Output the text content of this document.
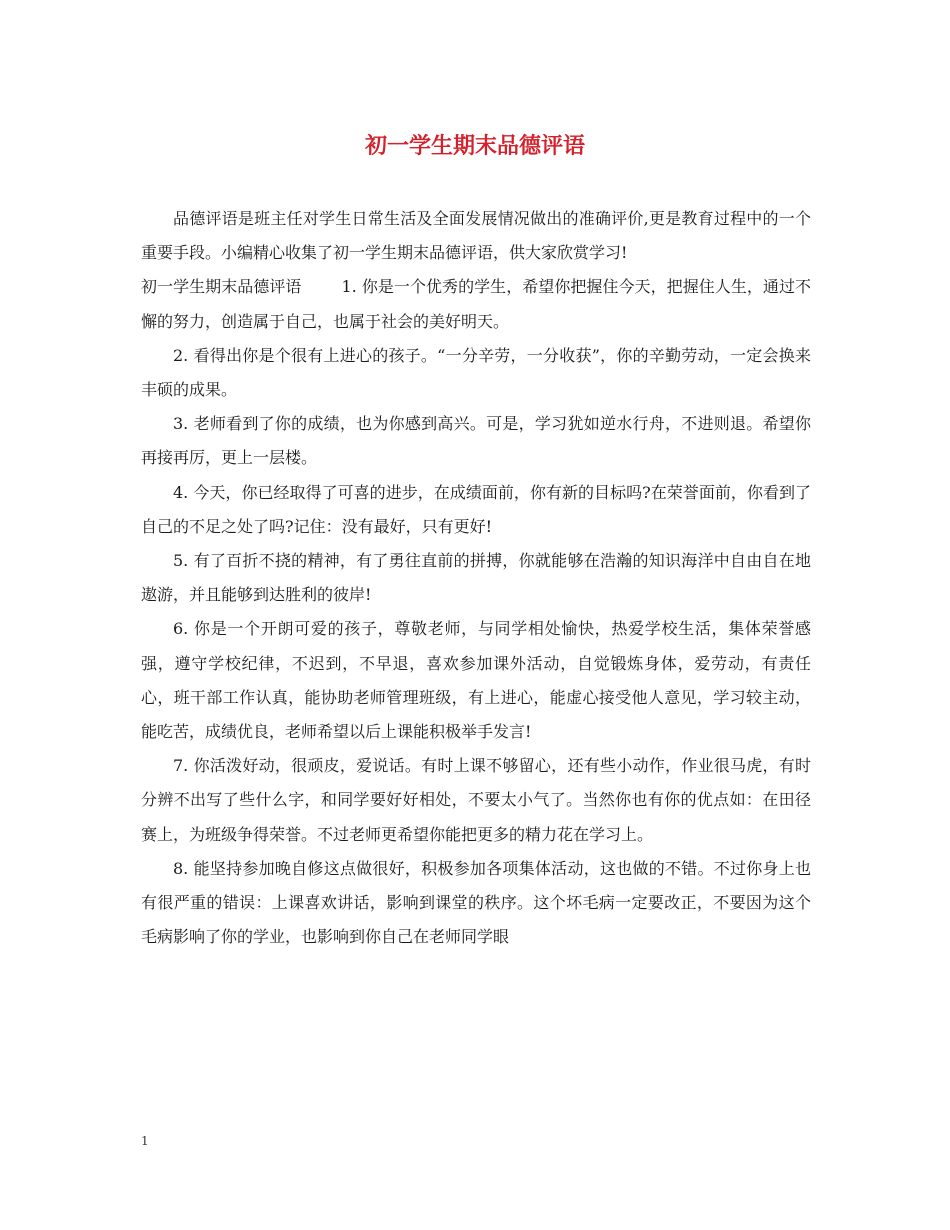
初一学生期末品德评语

品德评语是班主任对学生日常生活及全面发展情况做出的准确评价,更是教育过程中的一个重要手段。小编精心收集了初一学生期末品德评语，供大家欣赏学习!

初一学生期末品德评语	1. 你是一个优秀的学生，希望你把握住今天，把握住人生，通过不懈的努力，创造属于自己，也属于社会的美好明天。

2. 看得出你是个很有上进心的孩子。“一分辛劳，一分收获”，你的辛勤劳动，一定会换来丰硕的成果。

3. 老师看到了你的成绩，也为你感到高兴。可是，学习犹如逆水行舟，不进则退。希望你再接再厉，更上一层楼。

4. 今天，你已经取得了可喜的进步，在成绩面前，你有新的目标吗?在荣誉面前，你看到了自己的不足之处了吗?记住：没有最好，只有更好!

5. 有了百折不挠的精神，有了勇往直前的拼搏，你就能够在浩瀚的知识海洋中自由自在地遨游，并且能够到达胜利的彼岸!

6. 你是一个开朗可爱的孩子，尊敬老师，与同学相处愉快，热爱学校生活，集体荣誉感强，遵守学校纪律，不迟到，不早退，喜欢参加课外活动，自觉锻炼身体，爱劳动，有责任心，班干部工作认真，能协助老师管理班级，有上进心，能虚心接受他人意见，学习较主动，能吃苦，成绩优良，老师希望以后上课能积极举手发言!

7. 你活泼好动，很顽皮，爱说话。有时上课不够留心，还有些小动作，作业很马虎，有时分辨不出写了些什么字，和同学要好好相处，不要太小气了。当然你也有你的优点如：在田径赛上，为班级争得荣誉。不过老师更希望你能把更多的精力花在学习上。

8. 能坚持参加晚自修这点做很好，积极参加各项集体活动，这也做的不错。不过你身上也有很严重的错误：上课喜欢讲话，影响到课堂的秩序。这个坏毛病一定要改正，不要因为这个毛病影响了你的学业，也影响到你自己在老师同学眼

1
